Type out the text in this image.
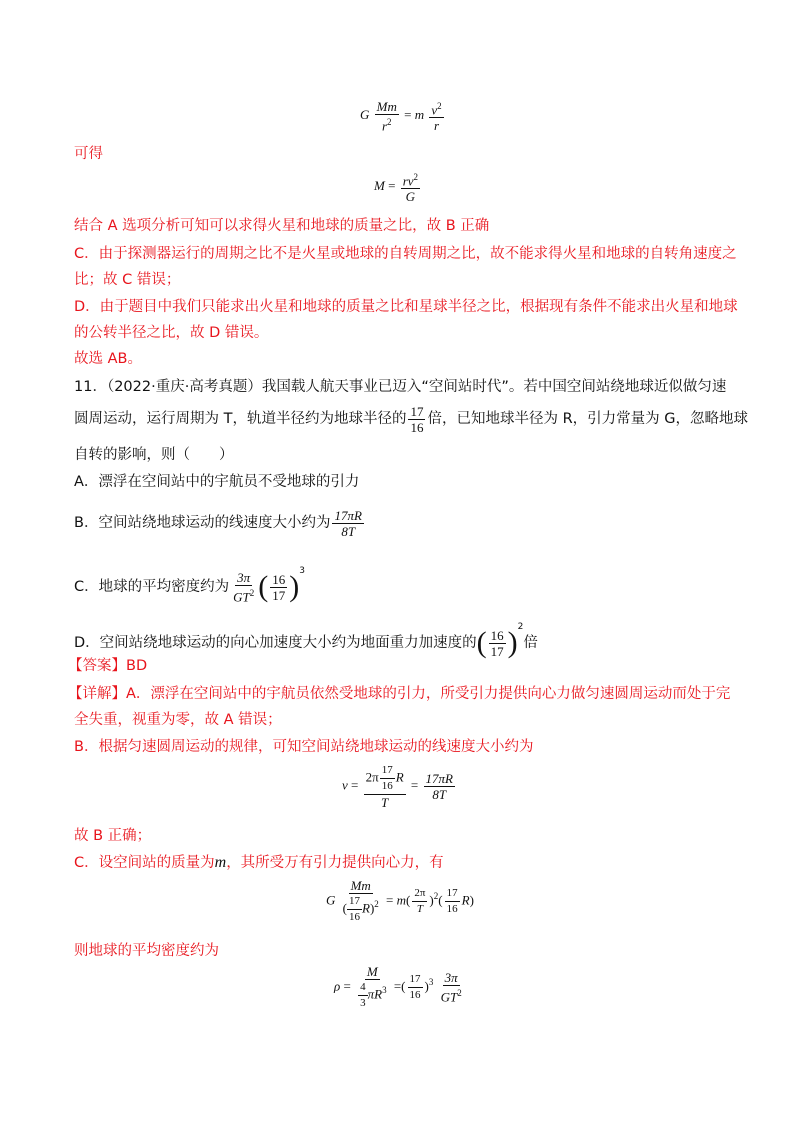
G $\frac{Mm}{r^2} = m \frac{v^2}{r}$
可得
$M = \frac{rv^2}{G}$
结合 A 选项分析可知可以求得火星和地球的质量之比，故 B 正确
C．由于探测器运行的周期之比不是火星或地球的自转周期之比，故不能求得火星和地球的自转角速度之
比；故 C 错误；
D．由于题目中我们只能求出火星和地球的质量之比和星球半径之比，根据现有条件不能求出火星和地球
的公转半径之比，故 D 错误。
故选 AB。
11．（2022·重庆·高考真题）我国载人航天事业已迈入“空间站时代”。若中国空间站绕地球近似做匀速
圆周运动，运行周期为 T，轨道半径约为地球半径的 $\frac{17}{16}$ 倍，已知地球半径为 R，引力常量为 G，忽略地球
自转的影响，则（　　）
A．漂浮在空间站中的宇航员不受地球的引力
B．空间站绕地球运动的线速度大小约为 $\frac{17\pi R}{8T}$
C．地球的平均密度约为 $\frac{3\pi}{GT^2}$ ( $\frac{16}{17} )^3$
D．空间站绕地球运动的向心加速度大小约为地面重力加速度的( $\frac{16}{17} )^2$倍
【答案】BD
【详解】A．漂浮在空间站中的宇航员依然受地球的引力，所受引力提供向心力做匀速圆周运动而处于完
全失重，视重为零，故 A 错误；
B．根据匀速圆周运动的规律，可知空间站绕地球运动的线速度大小约为
$v = \frac{2\pi \frac{17}{16} R}{T} = \frac{17\pi R}{8T}$
故 B 正确；
C．设空间站的质量为m，其所受万有引力提供向心力，有
G $\frac{Mm}{( \frac{17}{16} R)^2} = m( \frac{2\pi}{T} )^2( \frac{17}{16} R)$
则地球的平均密度约为
$\rho = \frac{M}{\frac{4}{3} \pi R^3}$ =( $\frac{17}{16} )^3 \frac{3\pi}{GT^2}$
